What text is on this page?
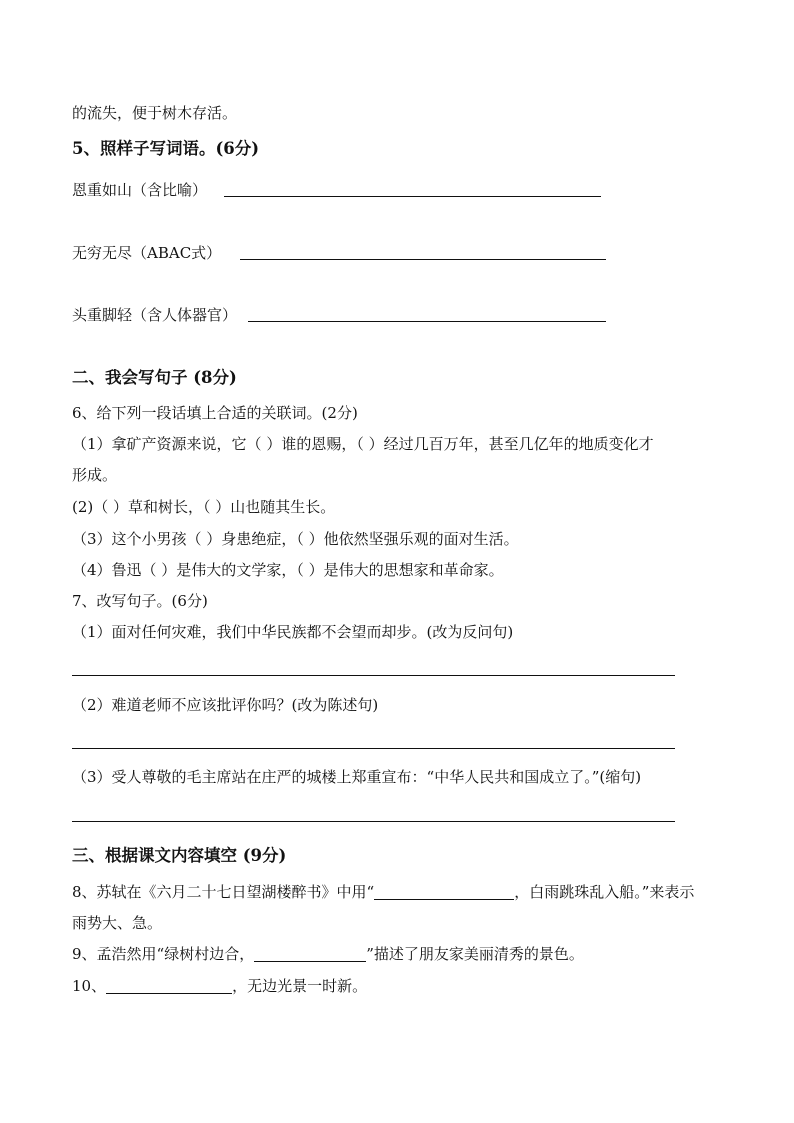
的流失，便于树木存活。
5、照样子写词语。(6分)
恩重如山（含比喻）
无穷无尽（ABAC式）
头重脚轻（含人体器官）
二、我会写句子 (8分)
6、给下列一段话填上合适的关联词。(2分)
（1）拿矿产资源来说，它（ ）谁的恩赐，（ ）经过几百万年，甚至几亿年的地质变化才
形成。
(2)（ ）草和树长，（ ）山也随其生长。
（3）这个小男孩（ ）身患绝症，（ ）他依然坚强乐观的面对生活。
（4）鲁迅（ ）是伟大的文学家，（ ）是伟大的思想家和革命家。
7、改写句子。(6分)
（1）面对任何灾难，我们中华民族都不会望而却步。(改为反问句)
（2）难道老师不应该批评你吗？(改为陈述句)
（3）受人尊敬的毛主席站在庄严的城楼上郑重宣布：“中华人民共和国成立了。”(缩句)
三、根据课文内容填空 (9分)
8、苏轼在《六月二十七日望湖楼醉书》中用“	，白雨跳珠乱入船。”来表示
雨势大、急。
9、孟浩然用“绿树村边合，	”描述了朋友家美丽清秀的景色。
10、	，无边光景一时新。
